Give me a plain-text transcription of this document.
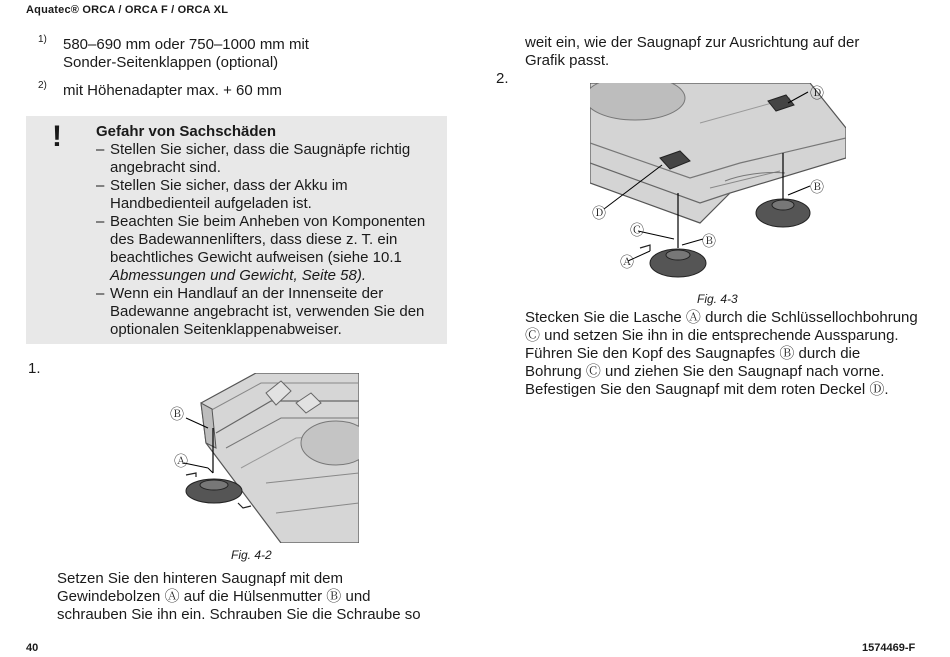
Aquatec® ORCA / ORCA F / ORCA XL
1)	580–690 mm oder 750–1000 mm mit
Sonder-Seitenklappen (optional)
2)	mit Höhenadapter max. + 60 mm
! Gefahr von Sachschäden
– Stellen Sie sicher, dass die Saugnäpfe richtig
angebracht sind.
– Stellen Sie sicher, dass der Akku im
Handbedienteil aufgeladen ist.
– Beachten Sie beim Anheben von Komponenten
des Badewannenlifters, dass diese z. T. ein
beachtliches Gewicht aufweisen (siehe 10.1
Abmessungen und Gewicht, Seite 58).
– Wenn ein Handlauf an der Innenseite der
Badewanne angebracht ist, verwenden Sie den
optionalen Seitenklappenabweiser.
1.
Ⓑ
Ⓐ
Fig. 4-2
Setzen Sie den hinteren Saugnapf mit dem
Gewindebolzen Ⓐ auf die Hülsenmutter Ⓑ und
schrauben Sie ihn ein. Schrauben Sie die Schraube so
weit ein, wie der Saugnapf zur Ausrichtung auf der
Grafik passt.
2.
Ⓓ
Ⓑ
Ⓓ
Ⓒ
Ⓑ
Ⓐ
Fig. 4-3
Stecken Sie die Lasche Ⓐ durch die Schlüssellochbohrung
Ⓒ und setzen Sie ihn in die entsprechende Aussparung.
Führen Sie den Kopf des Saugnapfes Ⓑ durch die
Bohrung Ⓒ und ziehen Sie den Saugnapf nach vorne.
Befestigen Sie den Saugnapf mit dem roten Deckel Ⓓ.
40	1574469-F
